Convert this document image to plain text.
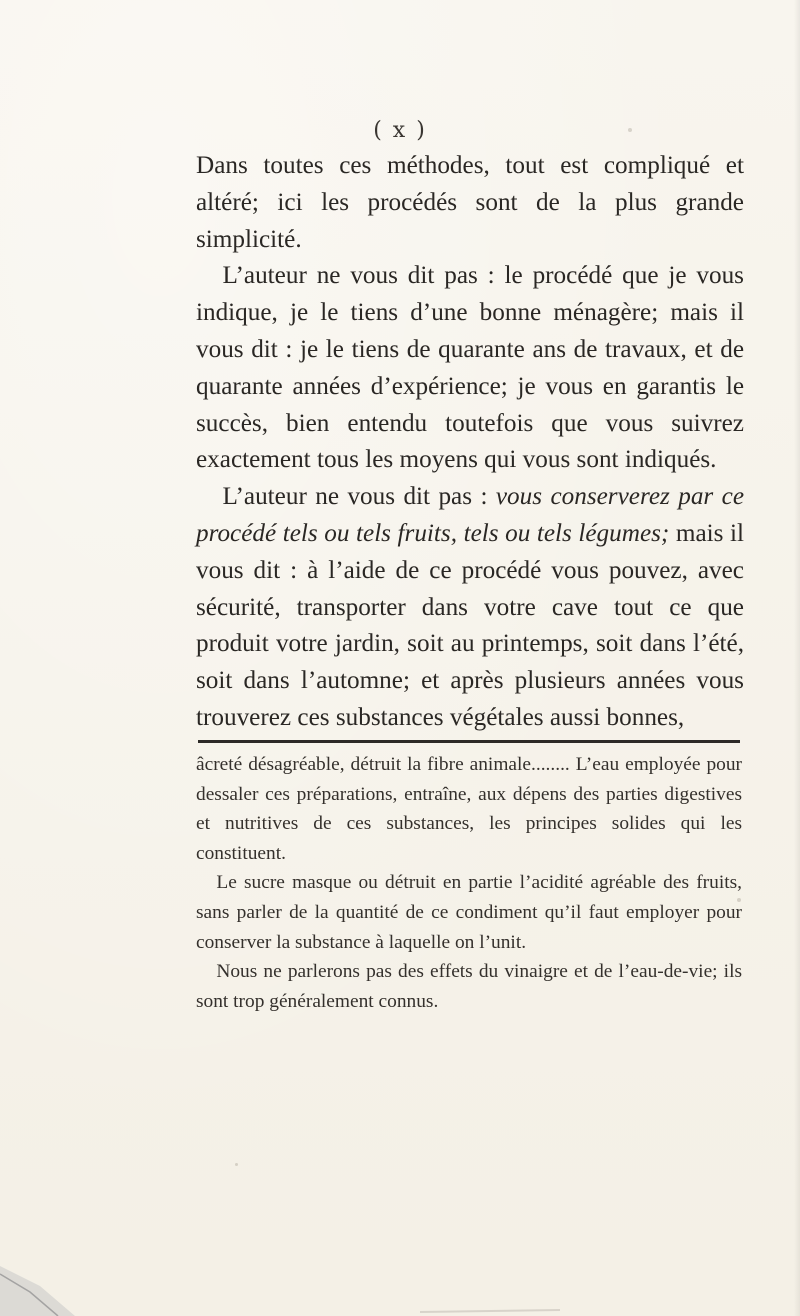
( x )

Dans toutes ces méthodes, tout est compliqué et altéré; ici les procédés sont de la plus grande simplicité.

L’auteur ne vous dit pas : le procédé que je vous indique, je le tiens d’une bonne ménagère; mais il vous dit : je le tiens de quarante ans de travaux, et de quarante années d’expérience; je vous en garantis le succès, bien entendu toutefois que vous suivrez exactement tous les moyens qui vous sont indiqués.

L’auteur ne vous dit pas : vous conserverez par ce procédé tels ou tels fruits, tels ou tels légumes; mais il vous dit : à l’aide de ce procédé vous pouvez, avec sécurité, transporter dans votre cave tout ce que produit votre jardin, soit au printemps, soit dans l’été, soit dans l’automne; et après plusieurs années vous trouverez ces substances végétales aussi bonnes,

âcreté désagréable, détruit la fibre animale........ L’eau employée pour dessaler ces préparations, entraîne, aux dépens des parties digestives et nutritives de ces substances, les principes solides qui les constituent.

Le sucre masque ou détruit en partie l’acidité agréable des fruits, sans parler de la quantité de ce condiment qu’il faut employer pour conserver la substance à laquelle on l’unit.

Nous ne parlerons pas des effets du vinaigre et de l’eau-de-vie; ils sont trop généralement connus.
